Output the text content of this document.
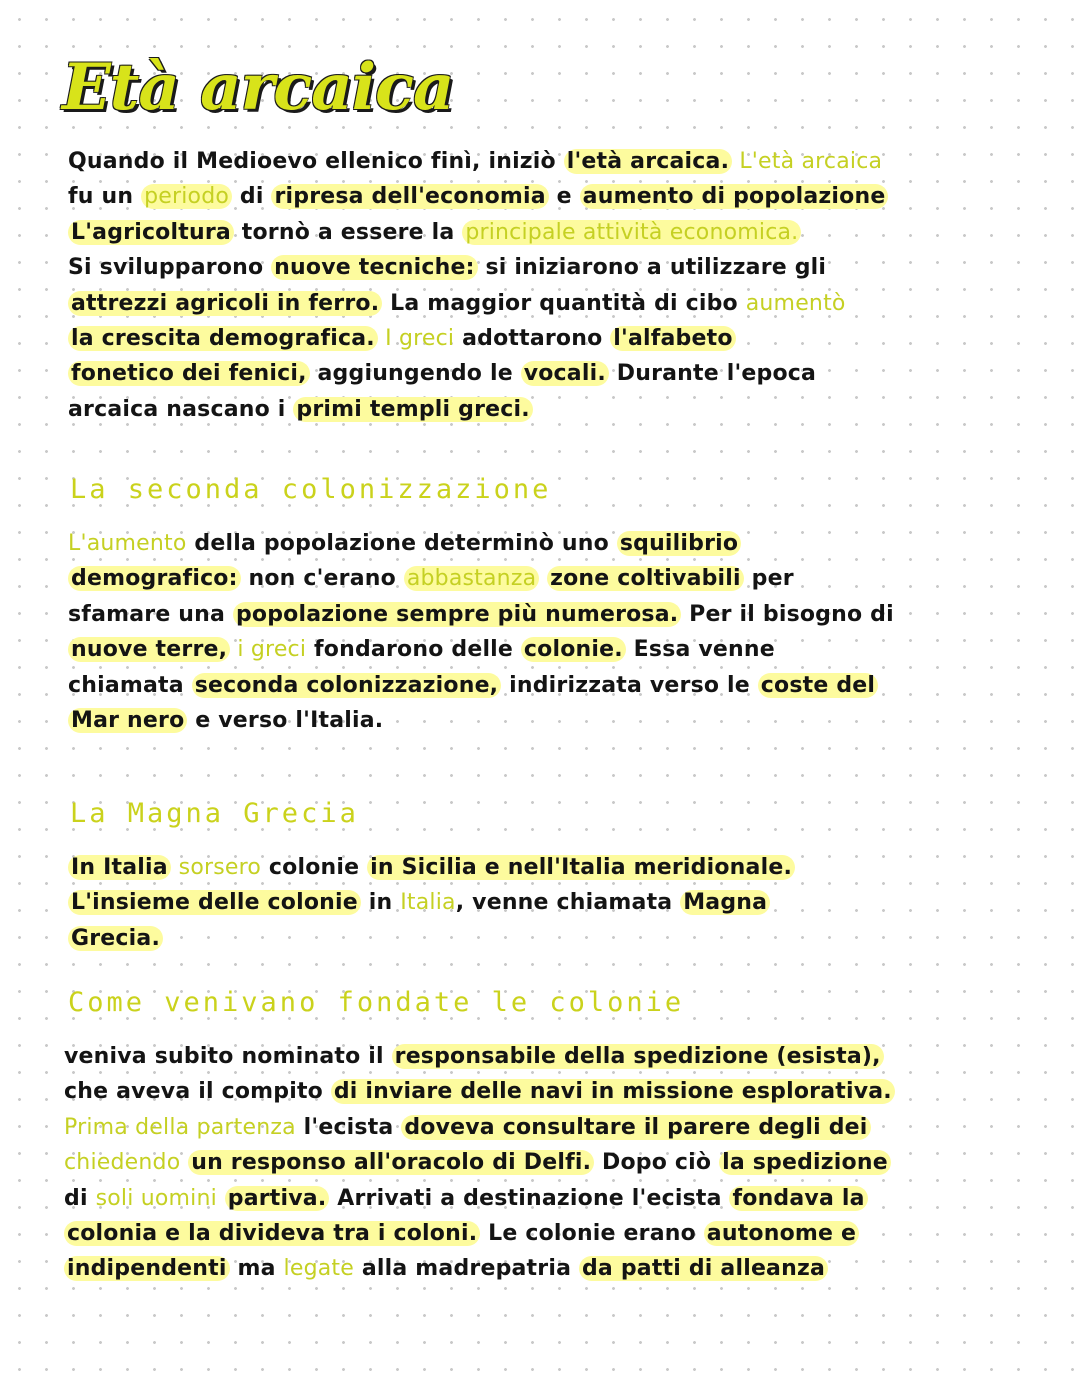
Età arcaica
Quando il Medioevo ellenico finì, iniziò l'età arcaica. L'età arcaica
fu un periodo di ripresa dell'economia e aumento di popolazione
L'agricoltura tornò a essere la principale attività economica.
Si svilupparono nuove tecniche: si iniziarono a utilizzare gli
attrezzi agricoli in ferro. La maggior quantità di cibo aumentò
la crescita demografica. I greci adottarono l'alfabeto
fonetico dei fenici, aggiungendo le vocali. Durante l'epoca
arcaica nascano i primi templi greci.
La seconda colonizzazione
L'aumento della popolazione determinò uno squilibrio
demografico: non c'erano abbastanza zone coltivabili per
sfamare una popolazione sempre più numerosa. Per il bisogno di
nuove terre, i greci fondarono delle colonie. Essa venne
chiamata seconda colonizzazione, indirizzata verso le coste del
Mar nero e verso l'Italia.
La Magna Grecia
In Italia sorsero colonie in Sicilia e nell'Italia meridionale.
L'insieme delle colonie in Italia, venne chiamata Magna
Grecia.
Come venivano fondate le colonie
veniva subito nominato il responsabile della spedizione (esista),
che aveva il compito di inviare delle navi in missione esplorativa.
Prima della partenza l'ecista doveva consultare il parere degli dei
chiedendo un responso all'oracolo di Delfi. Dopo ciò la spedizione
di soli uomini partiva. Arrivati a destinazione l'ecista fondava la
colonia e la divideva tra i coloni. Le colonie erano autonome e
indipendenti ma legate alla madrepatria da patti di alleanza
